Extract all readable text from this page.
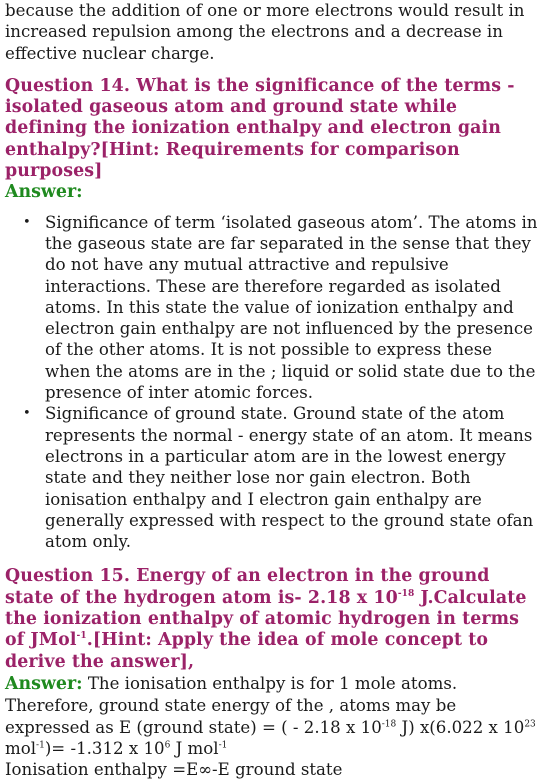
because the addition of one or more electrons would result in increased repulsion among the electrons and a decrease in effective nuclear charge.

Question 14. What is the significance of the terms - isolated gaseous atom and ground state while defining the ionization enthalpy and electron gain enthalpy?[Hint: Requirements for comparison purposes]

Answer:

• Significance of term ‘isolated gaseous atom’. The atoms in the gaseous state are far separated in the sense that they do not have any mutual attractive and repulsive interactions. These are therefore regarded as isolated atoms. In this state the value of ionization enthalpy and electron gain enthalpy are not influenced by the presence of the other atoms. It is not possible to express these when the atoms are in the ; liquid or solid state due to the presence of inter atomic forces.
• Significance of ground state. Ground state of the atom represents the normal - energy state of an atom. It means electrons in a particular atom are in the lowest energy state and they neither lose nor gain electron. Both ionisation enthalpy and I electron gain enthalpy are generally expressed with respect to the ground state ofan atom only.

Question 15. Energy of an electron in the ground state of the hydrogen atom is- 2.18 x $10^{-18}$ J.Calculate the ionization enthalpy of atomic hydrogen in terms of JMol$^{-1}$.[Hint: Apply the idea of mole concept to derive the answer],

Answer: The ionisation enthalpy is for 1 mole atoms. Therefore, ground state energy of the , atoms may be expressed as E (ground state) = ( - 2.18 x $10^{-18}$ J) x(6.022 x $10^{23}$ mol$^{-1}$)= -1.312 x $10^6$ J mol$^{-1}$

Ionisation enthalpy =E∞-E ground state
